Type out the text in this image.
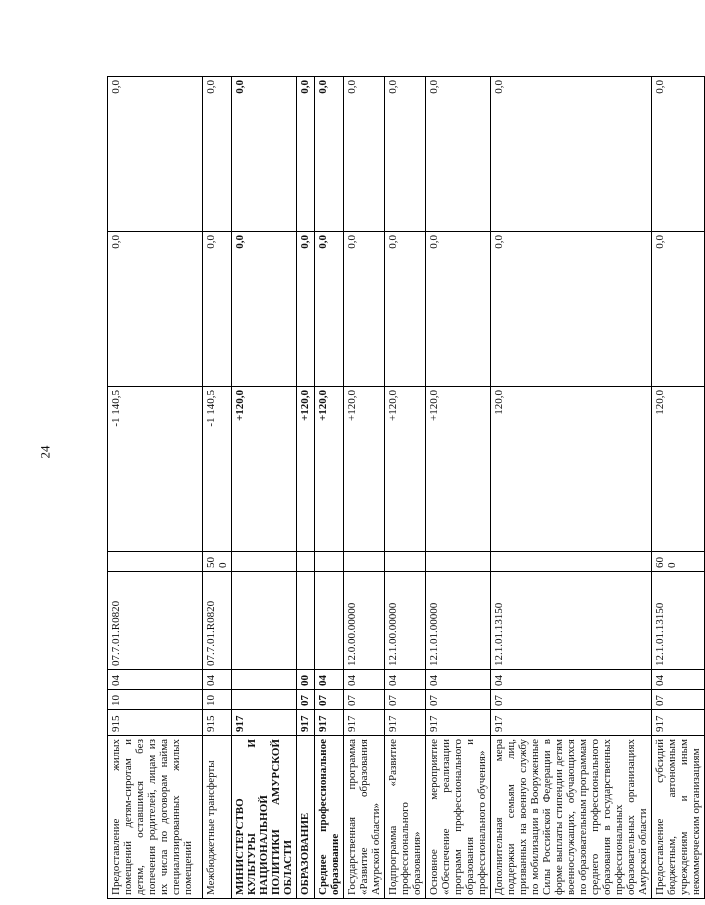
24
Предоставление жилых помещений детям-сиротам и детям, оставшимся без попечения родителей, лицам из их числа по договорам найма специализированных жилых помещений	915	10	04	07.7.01.R0820		-1 140,5	0,0	0,0
Межбюджетные трансферты	915	10	04	07.7.01.R0820	500	-1 140,5	0,0	0,0
МИНИСТЕРСТВО КУЛЬТУРЫ И НАЦИОНАЛЬНОЙ ПОЛИТИКИ АМУРСКОЙ ОБЛАСТИ	917					+120,0	0,0	0,0
ОБРАЗОВАНИЕ	917	07	00			+120,0	0,0	0,0
Среднее профессиональное образование	917	07	04			+120,0	0,0	0,0
Государственная программа «Развитие образования Амурской области»	917	07	04	12.0.00.00000		+120,0	0,0	0,0
Подпрограмма «Развитие профессионального образования»	917	07	04	12.1.00.00000		+120,0	0,0	0,0
Основное мероприятие «Обеспечение реализации программ профессионального образования и профессионального обучения»	917	07	04	12.1.01.00000		+120,0	0,0	0,0
Дополнительная мера поддержки семьям лиц, призванных на военную службу по мобилизации в Вооруженные Силы Российской Федерации в форме выплаты стипендии детям военнослужащих, обучающихся по образовательным программам среднего профессионального образования в государственных профессиональных образовательных организациях Амурской области	917	07	04	12.1.01.13150		120,0	0,0	0,0
Предоставление субсидий бюджетным, автономным учреждениям и иным некоммерческим организациям	917	07	04	12.1.01.13150	600	120,0	0,0	0,0
